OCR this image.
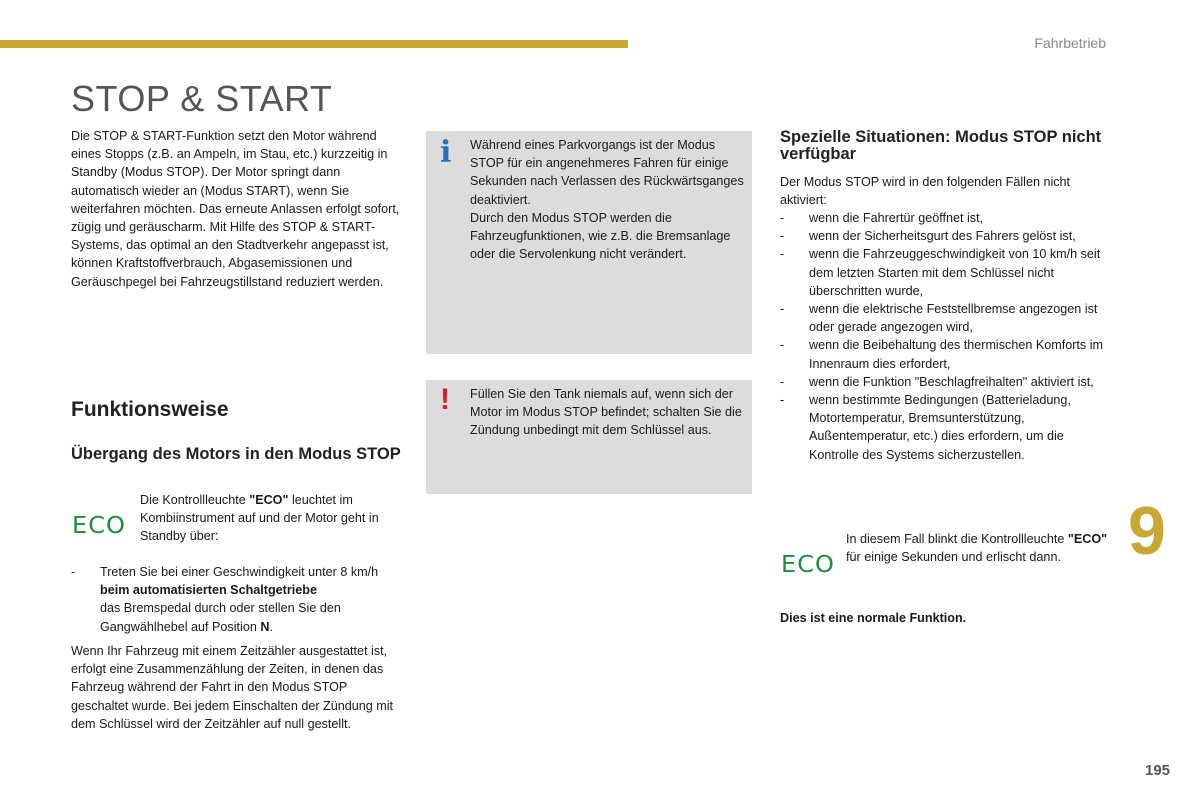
Fahrbetrieb
STOP & START

Die STOP & START-Funktion setzt den Motor während eines Stopps (z.B. an Ampeln, im Stau, etc.) kurzzeitig in Standby (Modus STOP). Der Motor springt dann automatisch wieder an (Modus START), wenn Sie weiterfahren möchten. Das erneute Anlassen erfolgt sofort, zügig und geräuscharm. Mit Hilfe des STOP & START-Systems, das optimal an den Stadtverkehr angepasst ist, können Kraftstoffverbrauch, Abgasemissionen und Geräuschpegel bei Fahrzeugstillstand reduziert werden.

Funktionsweise
Übergang des Motors in den Modus STOP
ECO

Die Kontrollleuchte "ECO" leuchtet im Kombiinstrument auf und der Motor geht in Standby über:

- Treten Sie bei einer Geschwindigkeit unter 8 km/h
beim automatisierten Schaltgetriebe
das Bremspedal durch oder stellen Sie den Gangwählhebel auf Position N.

Wenn Ihr Fahrzeug mit einem Zeitzähler ausgestattet ist, erfolgt eine Zusammenzählung der Zeiten, in denen das Fahrzeug während der Fahrt in den Modus STOP geschaltet wurde. Bei jedem Einschalten der Zündung mit dem Schlüssel wird der Zeitzähler auf null gestellt.

i Während eines Parkvorgangs ist der Modus STOP für ein angenehmeres Fahren für einige Sekunden nach Verlassen des Rückwärtsganges deaktiviert.

Durch den Modus STOP werden die Fahrzeugfunktionen, wie z.B. die Bremsanlage oder die Servolenkung nicht verändert.

! Füllen Sie den Tank niemals auf, wenn sich der Motor im Modus STOP befindet; schalten Sie die Zündung unbedingt mit dem Schlüssel aus.

Spezielle Situationen: Modus STOP nicht verfügbar

Der Modus STOP wird in den folgenden Fällen nicht aktiviert:

-	wenn die Fahrertür geöffnet ist,
-	wenn der Sicherheitsgurt des Fahrers gelöst ist,
-	wenn die Fahrzeuggeschwindigkeit von 10 km/h seit dem letzten Starten mit dem Schlüssel nicht überschritten wurde,
-	wenn die elektrische Feststellbremse angezogen ist oder gerade angezogen wird,
-	wenn die Beibehaltung des thermischen Komforts im Innenraum dies erfordert,
-	wenn die Funktion "Beschlagfreihalten" aktiviert ist,
-	wenn bestimmte Bedingungen (Batterieladung, Motortemperatur, Bremsunterstützung, Außentemperatur, etc.) dies erfordern, um die Kontrolle des Systems sicherzustellen.
ECO

In diesem Fall blinkt die Kontrollleuchte "ECO" für einige Sekunden und erlischt dann.

Dies ist eine normale Funktion.

9
195
